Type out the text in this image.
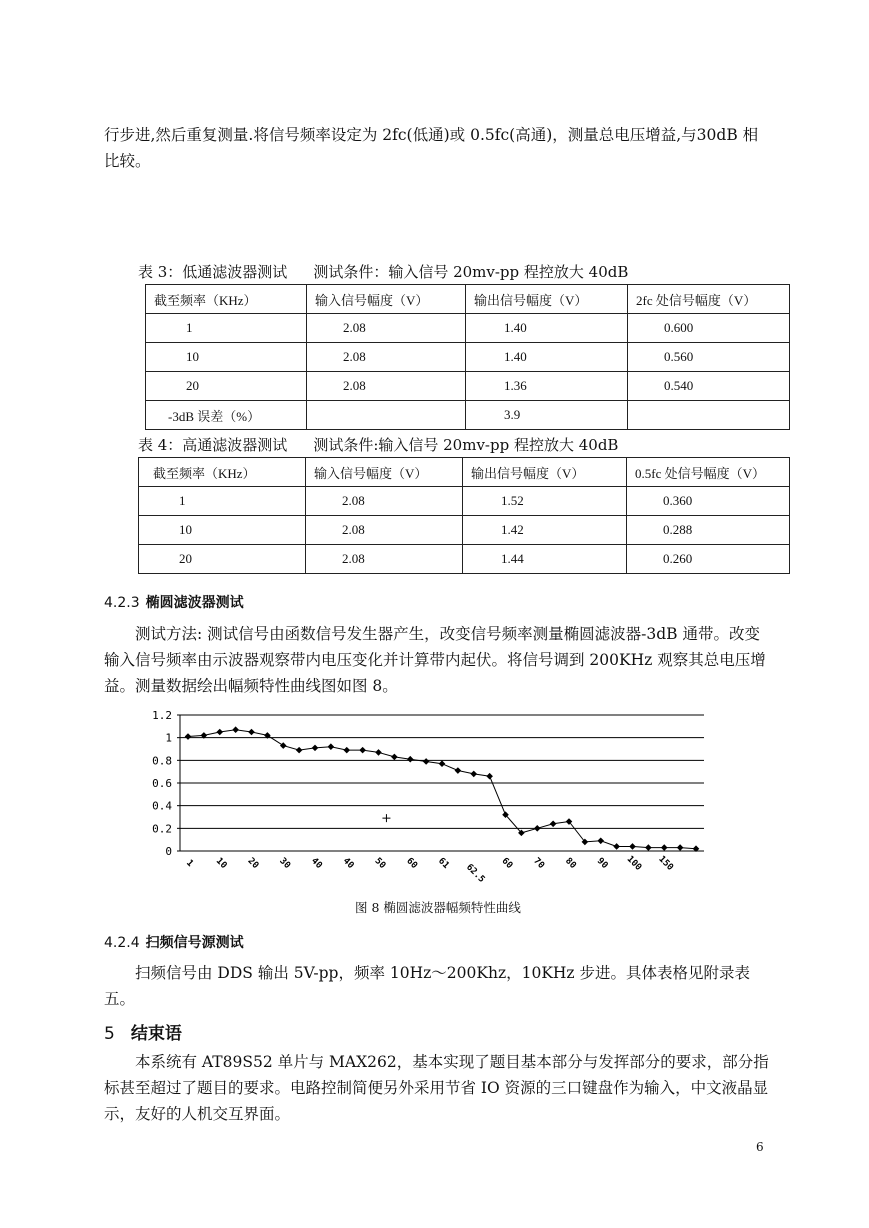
行步进,然后重复测量.将信号频率设定为 2fc(低通)或 0.5fc(高通)，测量总电压增益,与30dB 相比较。

表 3：低通滤波器测试 测试条件：输入信号 20mv-pp 程控放大 40dB
截至频率（KHz）	输入信号幅度（V）	输出信号幅度（V）	2fc 处信号幅度（V）
1	2.08	1.40	0.600
10	2.08	1.40	0.560
20	2.08	1.36	0.540
-3dB 误差（%）		3.9	
表 4：高通滤波器测试 测试条件:输入信号 20mv-pp 程控放大 40dB
截至频率（KHz）	输入信号幅度（V）	输出信号幅度（V）	0.5fc 处信号幅度（V）
1	2.08	1.52	0.360
10	2.08	1.42	0.288
20	2.08	1.44	0.260
4.2.3 椭圆滤波器测试

测试方法: 测试信号由函数信号发生器产生，改变信号频率测量椭圆滤波器-3dB 通带。改变输入信号频率由示波器观察带内电压变化并计算带内起伏。将信号调到 200KHz 观察其总电压增益。测量数据绘出幅频特性曲线图如图 8。

0
0.2
0.4
0.6
0.8
1
1.2
1 10 20 30 40 40 50 60 61 62.5 60 70 80 90 100 150
图 8 椭圆滤波器幅频特性曲线
4.2.4 扫频信号源测试

扫频信号由 DDS 输出 5V-pp，频率 10Hz～200Khz，10KHz 步进。具体表格见附录表五。

5 结束语

本系统有 AT89S52 单片与 MAX262，基本实现了题目基本部分与发挥部分的要求，部分指标甚至超过了题目的要求。电路控制简便另外采用节省 IO 资源的三口键盘作为输入，中文液晶显示，友好的人机交互界面。

6
